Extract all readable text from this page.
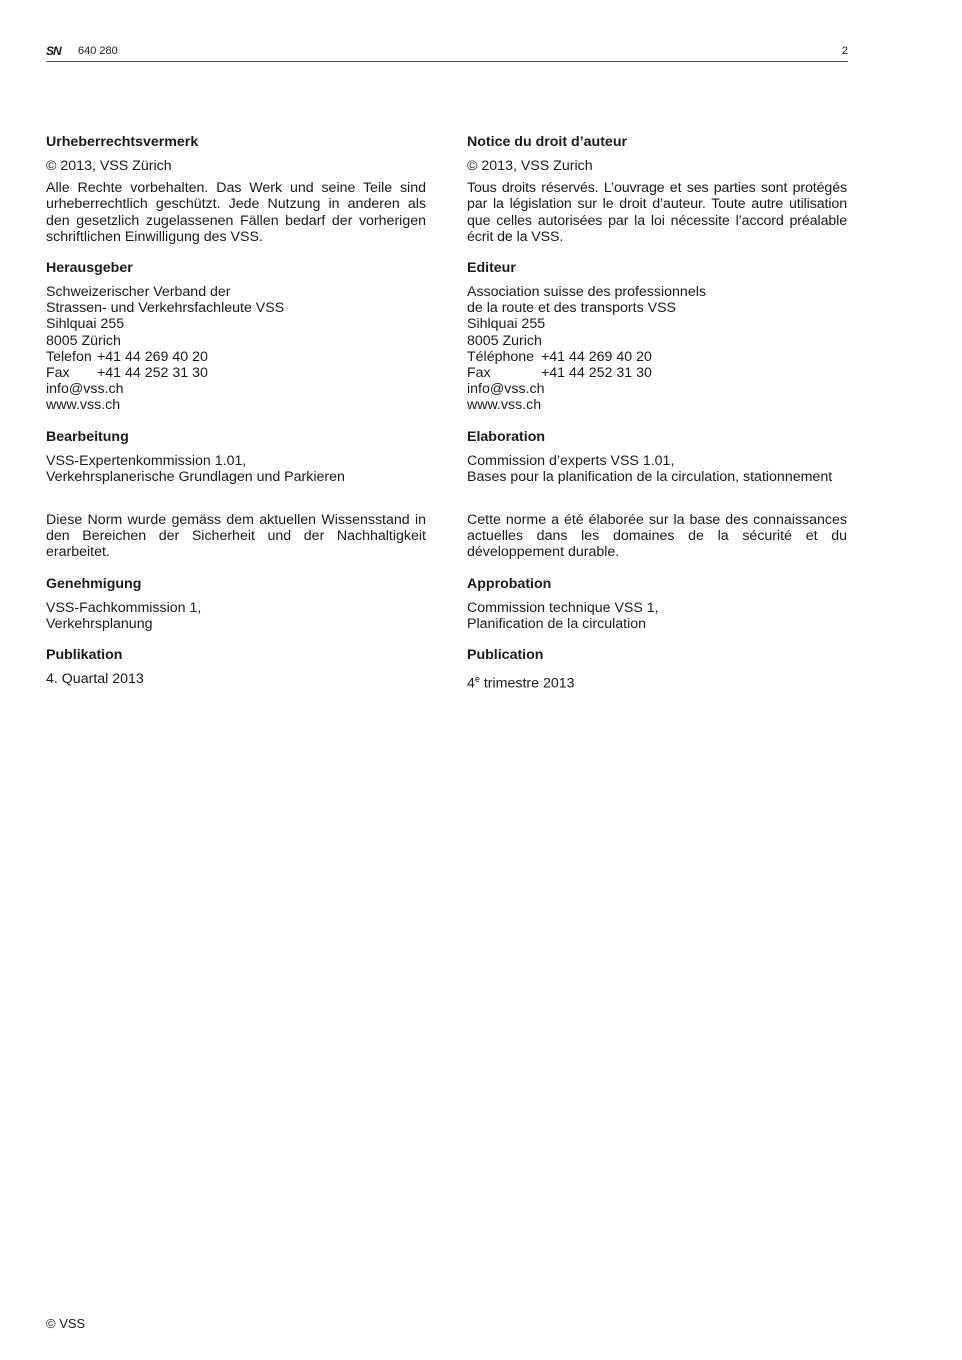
SN 640 280	2
Urheberrechtsvermerk
© 2013, VSS Zürich

Alle Rechte vorbehalten. Das Werk und seine Teile sind urheberrechtlich geschützt. Jede Nutzung in anderen als den gesetzlich zugelassenen Fällen bedarf der vorherigen schriftlichen Einwilligung des VSS.

Herausgeber
Schweizerischer Verband der
Strassen- und Verkehrsfachleute VSS
Sihlquai 255
8005 Zürich
Telefon +41 44 269 40 20
Fax +41 44 252 31 30
info@vss.ch
www.vss.ch
Bearbeitung
VSS-Expertenkommission 1.01,
Verkehrsplanerische Grundlagen und Parkieren

Diese Norm wurde gemäss dem aktuellen Wissensstand in den Bereichen der Sicherheit und der Nachhaltigkeit erarbeitet.

Genehmigung
VSS-Fachkommission 1,
Verkehrsplanung
Publikation
4. Quartal 2013
Notice du droit d’auteur
© 2013, VSS Zurich

Tous droits réservés. L’ouvrage et ses parties sont protégés par la législation sur le droit d’auteur. Toute autre utilisation que celles autorisées par la loi nécessite l’accord préalable écrit de la VSS.

Editeur
Association suisse des professionnels
de la route et des transports VSS
Sihlquai 255
8005 Zurich
Téléphone +41 44 269 40 20
Fax	+41 44 252 31 30
info@vss.ch
www.vss.ch
Elaboration
Commission d’experts VSS 1.01,
Bases pour la planification de la circulation, stationnement

Cette norme a été élaborée sur la base des connaissances actuelles dans les domaines de la sécurité et du développement durable.

Approbation
Commission technique VSS 1,
Planification de la circulation
Publication
4e trimestre 2013
© VSS
